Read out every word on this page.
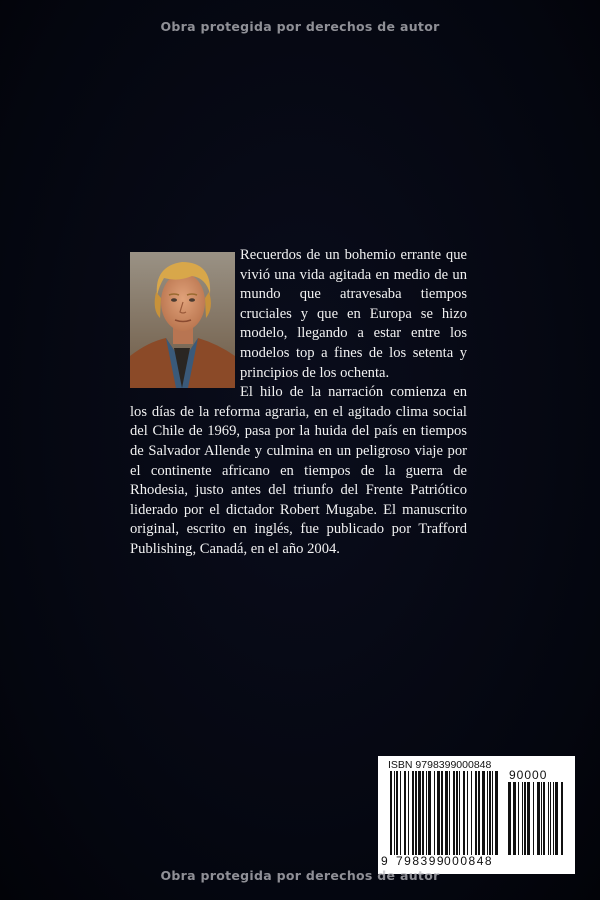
Obra protegida por derechos de autor

Recuerdos de un bohemio errante que vivió una vida agitada en medio de un mundo que atravesaba tiempos cruciales y que en Europa se hizo modelo, llegando a estar entre los modelos top a fines de los setenta y principios de los ochenta.

El hilo de la narración comienza en los días de la reforma agraria, en el agitado clima social del Chile de 1969, pasa por la huida del país en tiempos de Salvador Allende y culmina en un peligroso viaje por el continente africano en tiempos de la guerra de Rhodesia, justo antes del triunfo del Frente Patriótico liderado por el dictador Robert Mugabe. El manuscrito original, escrito en inglés, fue publicado por Trafford Publishing, Canadá, en el año 2004.

ISBN 9798399000848
90000
9 798399
000848
Obra protegida por derechos de autor
